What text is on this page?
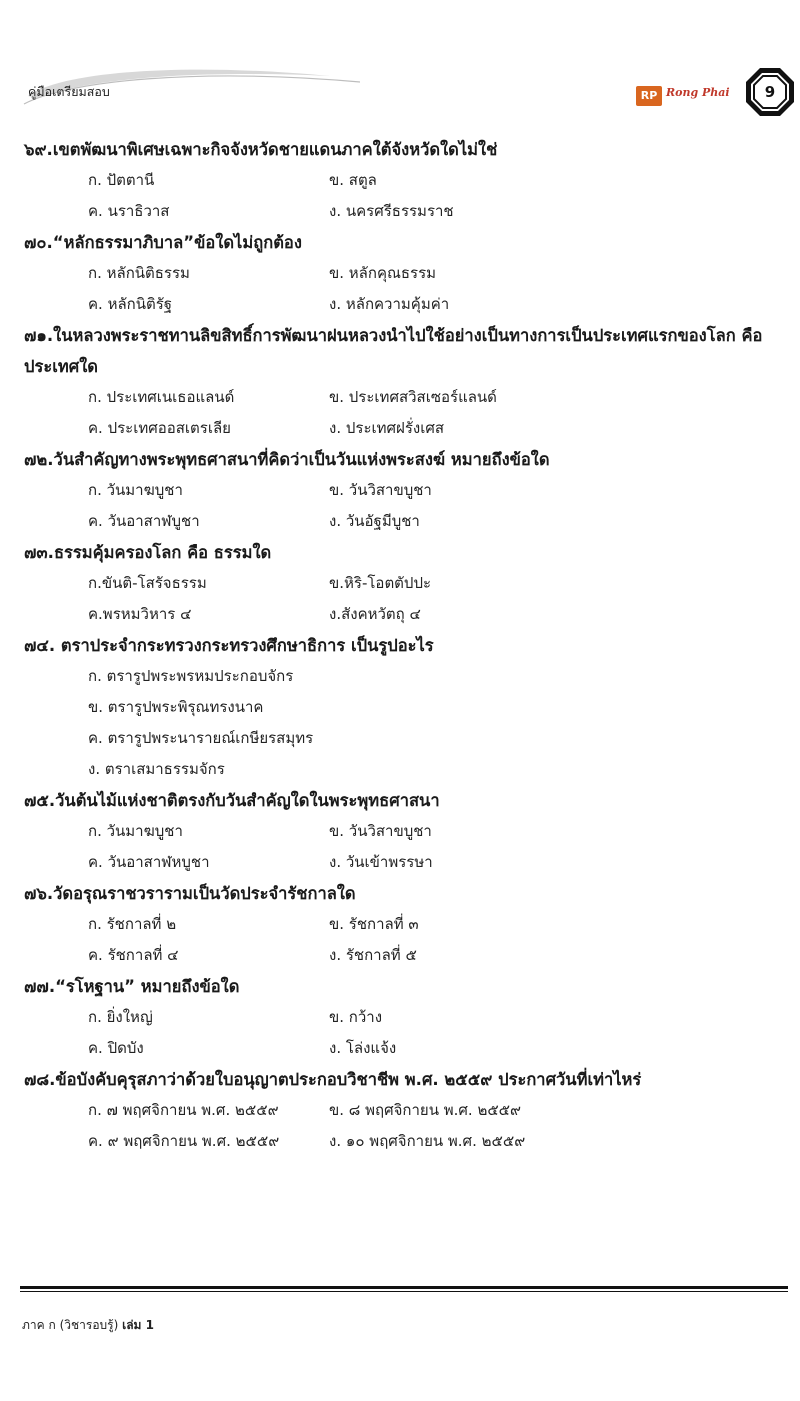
คู่มือเตรียมสอบ	RP Rong Phai	9
๖๙.เขตพัฒนาพิเศษเฉพาะกิจจังหวัดชายแดนภาคใต้จังหวัดใดไม่ใช่
ก. ปัตตานี	ข. สตูล
ค. นราธิวาส	ง. นครศรีธรรมราช
๗๐.“หลักธรรมาภิบาล”ข้อใดไม่ถูกต้อง
ก. หลักนิติธรรม	ข. หลักคุณธรรม
ค. หลักนิติรัฐ	ง. หลักความคุ้มค่า
๗๑.ในหลวงพระราชทานลิขสิทธิ์การพัฒนาฝนหลวงนำไปใช้อย่างเป็นทางการเป็นประเทศแรกของโลก คือ ประเทศใด
ก. ประเทศเนเธอแลนด์	ข. ประเทศสวิสเซอร์แลนด์
ค. ประเทศออสเตรเลีย	ง. ประเทศฝรั่งเศส
๗๒.วันสำคัญทางพระพุทธศาสนาที่คิดว่าเป็นวันแห่งพระสงฆ์ หมายถึงข้อใด
ก. วันมาฆบูชา	ข. วันวิสาขบูชา
ค. วันอาสาฬบูชา	ง. วันอัฐมีบูชา
๗๓.ธรรมคุ้มครองโลก คือ ธรรมใด
ก.ขันติ-โสรัจธรรม	ข.หิริ-โอตตัปปะ
ค.พรหมวิหาร ๔	ง.สังคหวัตถุ ๔
๗๔. ตราประจำกระทรวงกระทรวงศึกษาธิการ เป็นรูปอะไร
ก. ตรารูปพระพรหมประกอบจักร
ข. ตรารูปพระพิรุณทรงนาค
ค. ตรารูปพระนารายณ์เกษียรสมุทร
ง. ตราเสมาธรรมจักร
๗๕.วันต้นไม้แห่งชาติตรงกับวันสำคัญใดในพระพุทธศาสนา
ก. วันมาฆบูชา	ข. วันวิสาขบูชา
ค. วันอาสาฬหบูชา	ง. วันเข้าพรรษา
๗๖.วัดอรุณราชวรารามเป็นวัดประจำรัชกาลใด
ก. รัชกาลที่ ๒	ข. รัชกาลที่ ๓
ค. รัชกาลที่ ๔	ง. รัชกาลที่ ๕
๗๗.“รโหฐาน” หมายถึงข้อใด
ก. ยิ่งใหญ่	ข. กว้าง
ค. ปิดบัง	ง. โล่งแจ้ง
๗๘.ข้อบังคับคุรุสภาว่าด้วยใบอนุญาตประกอบวิชาชีพ พ.ศ. ๒๕๕๙ ประกาศวันที่เท่าไหร่
ก. ๗ พฤศจิกายน พ.ศ. ๒๕๕๙	ข. ๘ พฤศจิกายน พ.ศ. ๒๕๕๙
ค. ๙ พฤศจิกายน พ.ศ. ๒๕๕๙	ง. ๑๐ พฤศจิกายน พ.ศ. ๒๕๕๙
ภาค ก (วิชารอบรู้) เล่ม 1
